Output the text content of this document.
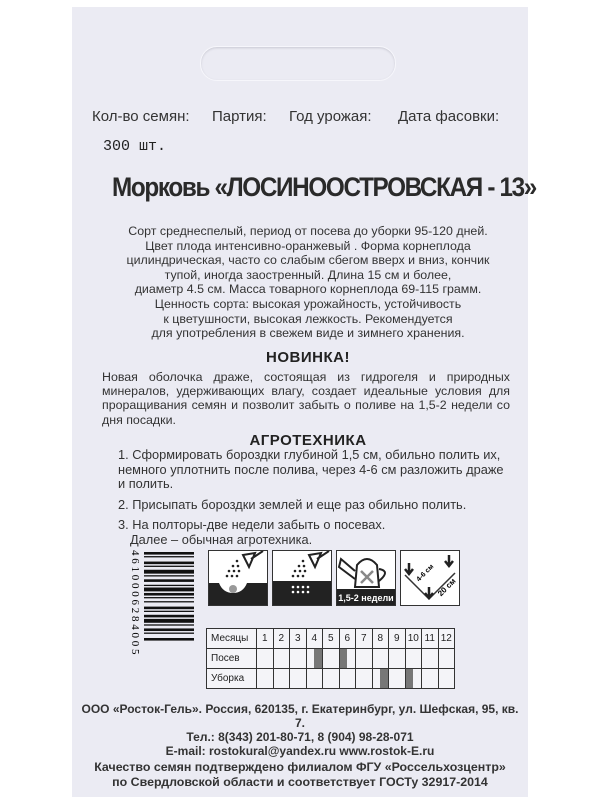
Кол-во семян: Партия: Год урожая: Дата фасовки:
300 шт.
Морковь «ЛОСИНООСТРОВСКАЯ - 13»
Сорт среднеспелый, период от посева до уборки 95-120 дней.
Цвет плода интенсивно-оранжевый . Форма корнеплода
цилиндрическая, часто со слабым сбегом вверх и вниз, кончик
тупой, иногда заостренный. Длина 15 см и более,
диаметр 4.5 см. Масса товарного корнеплода 69-115 грамм.
Ценность сорта: высокая урожайность, устойчивость
к цветушности, высокая лежкость. Рекомендуется
для употребления в свежем виде и зимнего хранения.
НОВИНКА!
Новая оболочка драже, состоящая из гидрогеля и природных минералов, удерживающих влагу, создает идеальные условия для проращивания семян и позволит забыть о поливе на 1,5-2 недели со дня посадки.
АГРОТЕХНИКА

1. Сформировать бороздки глубиной 1,5 см, обильно полить их, немного уплотнить после полива, через 4-6 см разложить драже и полить.

2. Присыпать бороздки землей и еще раз обильно полить.

3. На полторы-две недели забыть о посевах.

Далее – обычная агротехника.

4 6 1 0 0 0 6 2 8 4 0 0 5	1,5-2 недели
4-6 см
20 см
Месяцы	1	2	3	4	5	6	7	8	9	10	11	12
Посев				

Уборка								

ООО «Росток-Гель». Россия, 620135, г. Екатеринбург, ул. Шефская, 95, кв. 7.
Тел.: 8(343) 201-80-71, 8 (904) 98-28-071
E-mail: rostokural@yandex.ru www.rostok-E.ru
Качество семян подтверждено филиалом ФГУ «Россельхозцентр»
по Свердловской области и соответствует ГОСТу 32917-2014
